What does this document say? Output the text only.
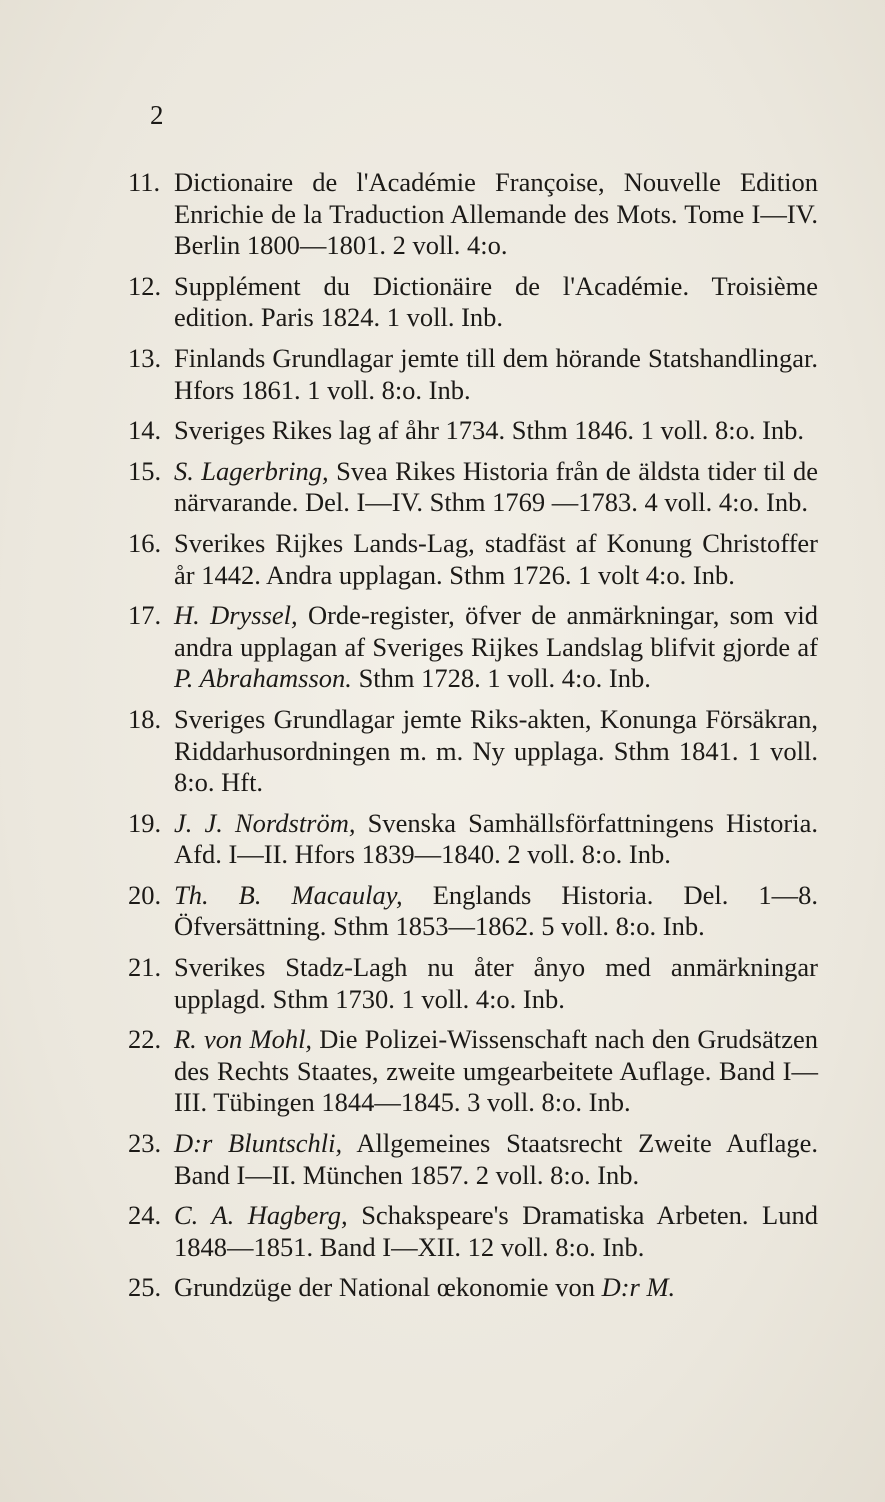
2
11. Dictionaire de l'Académie Françoise, Nouvelle Edition Enrichie de la Traduction Allemande des Mots. Tome I—IV. Berlin 1800—1801. 2 voll. 4:o.
12. Supplément du Dictionäire de l'Académie. Troisième edition. Paris 1824. 1 voll. Inb.
13. Finlands Grundlagar jemte till dem hörande Statshandlingar. Hfors 1861. 1 voll. 8:o. Inb.
14. Sveriges Rikes lag af åhr 1734. Sthm 1846. 1 voll. 8:o. Inb.
15. S. Lagerbring, Svea Rikes Historia från de äldsta tider til de närvarande. Del. I—IV. Sthm 1769 —1783. 4 voll. 4:o. Inb.
16. Sverikes Rijkes Lands-Lag, stadfäst af Konung Christoffer år 1442. Andra upplagan. Sthm 1726. 1 volt 4:o. Inb.
17. H. Dryssel, Orde-register, öfver de anmärkningar, som vid andra upplagan af Sveriges Rijkes Landslag blifvit gjorde af P. Abrahamsson. Sthm 1728. 1 voll. 4:o. Inb.
18. Sveriges Grundlagar jemte Riks-akten, Konunga Försäkran, Riddarhusordningen m. m. Ny upplaga. Sthm 1841. 1 voll. 8:o. Hft.
19. J. J. Nordström, Svenska Samhällsförfattningens Historia. Afd. I—II. Hfors 1839—1840. 2 voll. 8:o. Inb.
20. Th. B. Macaulay, Englands Historia. Del. 1—8. Öfversättning. Sthm 1853—1862. 5 voll. 8:o. Inb.
21. Sverikes Stadz-Lagh nu åter ånyo med anmärkningar upplagd. Sthm 1730. 1 voll. 4:o. Inb.
22. R. von Mohl, Die Polizei-Wissenschaft nach den Grudsätzen des Rechts Staates, zweite umgearbeitete Auflage. Band I—III. Tübingen 1844—1845. 3 voll. 8:o. Inb.
23. D:r Bluntschli, Allgemeines Staatsrecht Zweite Auflage. Band I—II. München 1857. 2 voll. 8:o. Inb.
24. C. A. Hagberg, Schakspeare's Dramatiska Arbeten. Lund 1848—1851. Band I—XII. 12 voll. 8:o. Inb.
25. Grundzüge der National œkonomie von D:r M.
